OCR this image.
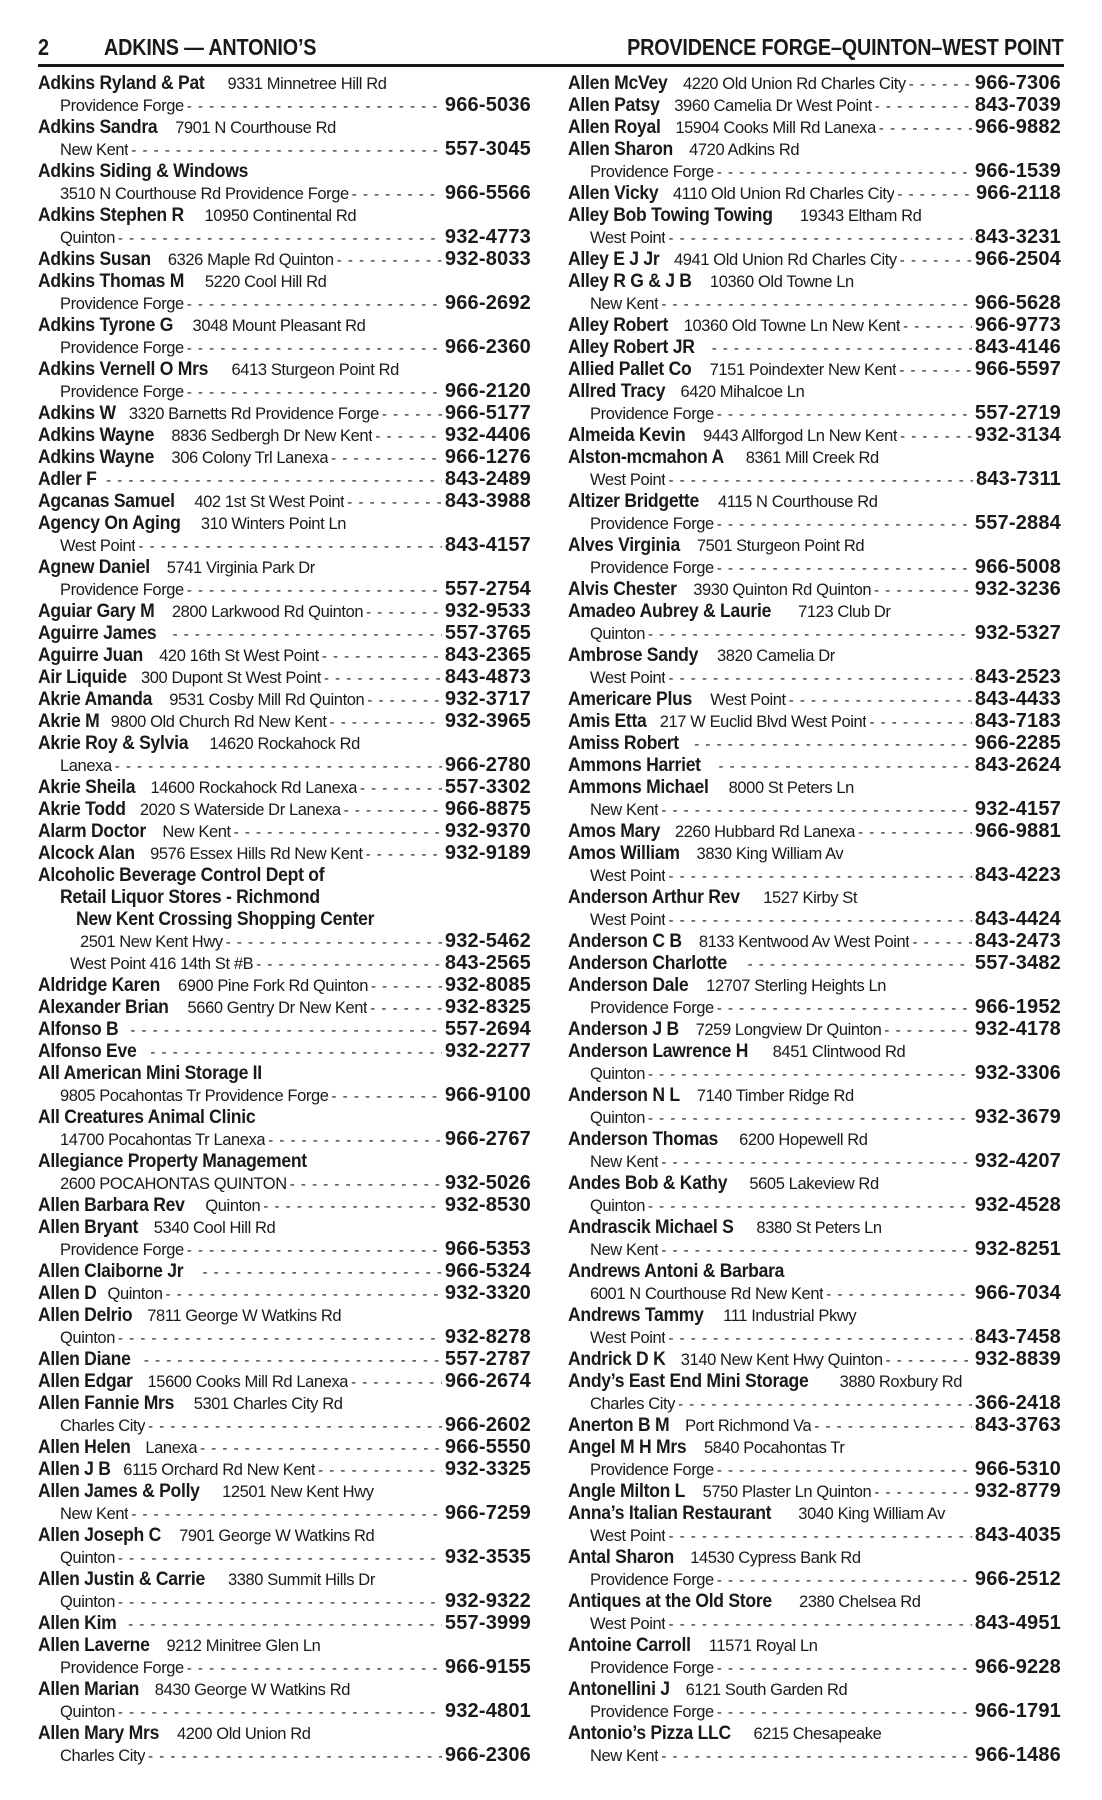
2 ADKINS — ANTONIO’S	PROVIDENCE FORGE–QUINTON–WEST POINT
Adkins Ryland & Pat 9331 Minnetree Hill Rd
Providence Forge - - -	966-5036
Adkins Sandra 7901 N Courthouse Rd
New Kent - - -	557-3045
Adkins Siding & Windows
3510 N Courthouse Rd Providence Forge - - -	966-5566
Adkins Stephen R 10950 Continental Rd
Quinton - - -	932-4773
Adkins Susan 6326 Maple Rd Quinton - - -	932-8033
Adkins Thomas M 5220 Cool Hill Rd
Providence Forge - - -	966-2692
Adkins Tyrone G 3048 Mount Pleasant Rd
Providence Forge - - -	966-2360
Adkins Vernell O Mrs 6413 Sturgeon Point Rd
Providence Forge - - -	966-2120
Adkins W 3320 Barnetts Rd Providence Forge - - -	966-5177
Adkins Wayne 8836 Sedbergh Dr New Kent - - -	932-4406
Adkins Wayne 306 Colony Trl Lanexa - - -	966-1276
Adler F - - -	843-2489
Agcanas Samuel 402 1st St West Point - - -	843-3988
Agency On Aging 310 Winters Point Ln
West Point - - -	843-4157
Agnew Daniel 5741 Virginia Park Dr
Providence Forge - - -	557-2754
Aguiar Gary M 2800 Larkwood Rd Quinton - - -	932-9533
Aguirre James - - -	557-3765
Aguirre Juan 420 16th St West Point - - -	843-2365
Air Liquide 300 Dupont St West Point - - -	843-4873
Akrie Amanda 9531 Cosby Mill Rd Quinton - - -	932-3717
Akrie M 9800 Old Church Rd New Kent - - -	932-3965
Akrie Roy & Sylvia 14620 Rockahock Rd
Lanexa - - -	966-2780
Akrie Sheila 14600 Rockahock Rd Lanexa - - -	557-3302
Akrie Todd 2020 S Waterside Dr Lanexa - - -	966-8875
Alarm Doctor New Kent - - -	932-9370
Alcock Alan 9576 Essex Hills Rd New Kent - - -	932-9189
Alcoholic Beverage Control Dept of
Retail Liquor Stores - Richmond
New Kent Crossing Shopping Center
2501 New Kent Hwy - - -	932-5462
West Point 416 14th St #B - - -	843-2565
Aldridge Karen 6900 Pine Fork Rd Quinton - - -	932-8085
Alexander Brian 5660 Gentry Dr New Kent - - -	932-8325
Alfonso B - - -	557-2694
Alfonso Eve - - -	932-2277
All American Mini Storage II
9805 Pocahontas Tr Providence Forge - - -	966-9100
All Creatures Animal Clinic
14700 Pocahontas Tr Lanexa - - -	966-2767
Allegiance Property Management
2600 POCAHONTAS QUINTON - - -	932-5026
Allen Barbara Rev Quinton - - -	932-8530
Allen Bryant 5340 Cool Hill Rd
Providence Forge - - -	966-5353
Allen Claiborne Jr - - -	966-5324
Allen D Quinton - - -	932-3320
Allen Delrio 7811 George W Watkins Rd
Quinton - - -	932-8278
Allen Diane - - -	557-2787
Allen Edgar 15600 Cooks Mill Rd Lanexa - - -	966-2674
Allen Fannie Mrs 5301 Charles City Rd
Charles City - - -	966-2602
Allen Helen Lanexa - - -	966-5550
Allen J B 6115 Orchard Rd New Kent - - -	932-3325
Allen James & Polly 12501 New Kent Hwy
New Kent - - -	966-7259
Allen Joseph C 7901 George W Watkins Rd
Quinton - - -	932-3535
Allen Justin & Carrie 3380 Summit Hills Dr
Quinton - - -	932-9322
Allen Kim - - -	557-3999
Allen Laverne 9212 Minitree Glen Ln
Providence Forge - - -	966-9155
Allen Marian 8430 George W Watkins Rd
Quinton - - -	932-4801
Allen Mary Mrs 4200 Old Union Rd
Charles City - - -	966-2306
Allen McVey 4220 Old Union Rd Charles City - - -	966-7306
Allen Patsy 3960 Camelia Dr West Point - - -	843-7039
Allen Royal 15904 Cooks Mill Rd Lanexa - - -	966-9882
Allen Sharon 4720 Adkins Rd
Providence Forge - - -	966-1539
Allen Vicky 4110 Old Union Rd Charles City - - -	966-2118
Alley Bob Towing Towing 19343 Eltham Rd
West Point - - -	843-3231
Alley E J Jr 4941 Old Union Rd Charles City - - -	966-2504
Alley R G & J B 10360 Old Towne Ln
New Kent - - -	966-5628
Alley Robert 10360 Old Towne Ln New Kent - - -	966-9773
Alley Robert JR - - -	843-4146
Allied Pallet Co 7151 Poindexter New Kent - - -	966-5597
Allred Tracy 6420 Mihalcoe Ln
Providence Forge - - -	557-2719
Almeida Kevin 9443 Allforgod Ln New Kent - - -	932-3134
Alston-mcmahon A 8361 Mill Creek Rd
West Point - - -	843-7311
Altizer Bridgette 4115 N Courthouse Rd
Providence Forge - - -	557-2884
Alves Virginia 7501 Sturgeon Point Rd
Providence Forge - - -	966-5008
Alvis Chester 3930 Quinton Rd Quinton - - -	932-3236
Amadeo Aubrey & Laurie 7123 Club Dr
Quinton - - -	932-5327
Ambrose Sandy 3820 Camelia Dr
West Point - - -	843-2523
Americare Plus West Point - - -	843-4433
Amis Etta 217 W Euclid Blvd West Point - - -	843-7183
Amiss Robert - - -	966-2285
Ammons Harriet - - -	843-2624
Ammons Michael 8000 St Peters Ln
New Kent - - -	932-4157
Amos Mary 2260 Hubbard Rd Lanexa - - -	966-9881
Amos William 3830 King William Av
West Point - - -	843-4223
Anderson Arthur Rev 1527 Kirby St
West Point - - -	843-4424
Anderson C B 8133 Kentwood Av West Point - - -	843-2473
Anderson Charlotte - - -	557-3482
Anderson Dale 12707 Sterling Heights Ln
Providence Forge - - -	966-1952
Anderson J B 7259 Longview Dr Quinton - - -	932-4178
Anderson Lawrence H 8451 Clintwood Rd
Quinton - - -	932-3306
Anderson N L 7140 Timber Ridge Rd
Quinton - - -	932-3679
Anderson Thomas 6200 Hopewell Rd
New Kent - - -	932-4207
Andes Bob & Kathy 5605 Lakeview Rd
Quinton - - -	932-4528
Andrascik Michael S 8380 St Peters Ln
New Kent - - -	932-8251
Andrews Antoni & Barbara
6001 N Courthouse Rd New Kent - - -	966-7034
Andrews Tammy 111 Industrial Pkwy
West Point - - -	843-7458
Andrick D K 3140 New Kent Hwy Quinton - - -	932-8839
Andy’s East End Mini Storage 3880 Roxbury Rd
Charles City - - -	366-2418
Anerton B M Port Richmond Va - - -	843-3763
Angel M H Mrs 5840 Pocahontas Tr
Providence Forge - - -	966-5310
Angle Milton L 5750 Plaster Ln Quinton - - -	932-8779
Anna’s Italian Restaurant 3040 King William Av
West Point - - -	843-4035
Antal Sharon 14530 Cypress Bank Rd
Providence Forge - - -	966-2512
Antiques at the Old Store 2380 Chelsea Rd
West Point - - -	843-4951
Antoine Carroll 11571 Royal Ln
Providence Forge - - -	966-9228
Antonellini J 6121 South Garden Rd
Providence Forge - - -	966-1791
Antonio’s Pizza LLC 6215 Chesapeake
New Kent - - -	966-1486
